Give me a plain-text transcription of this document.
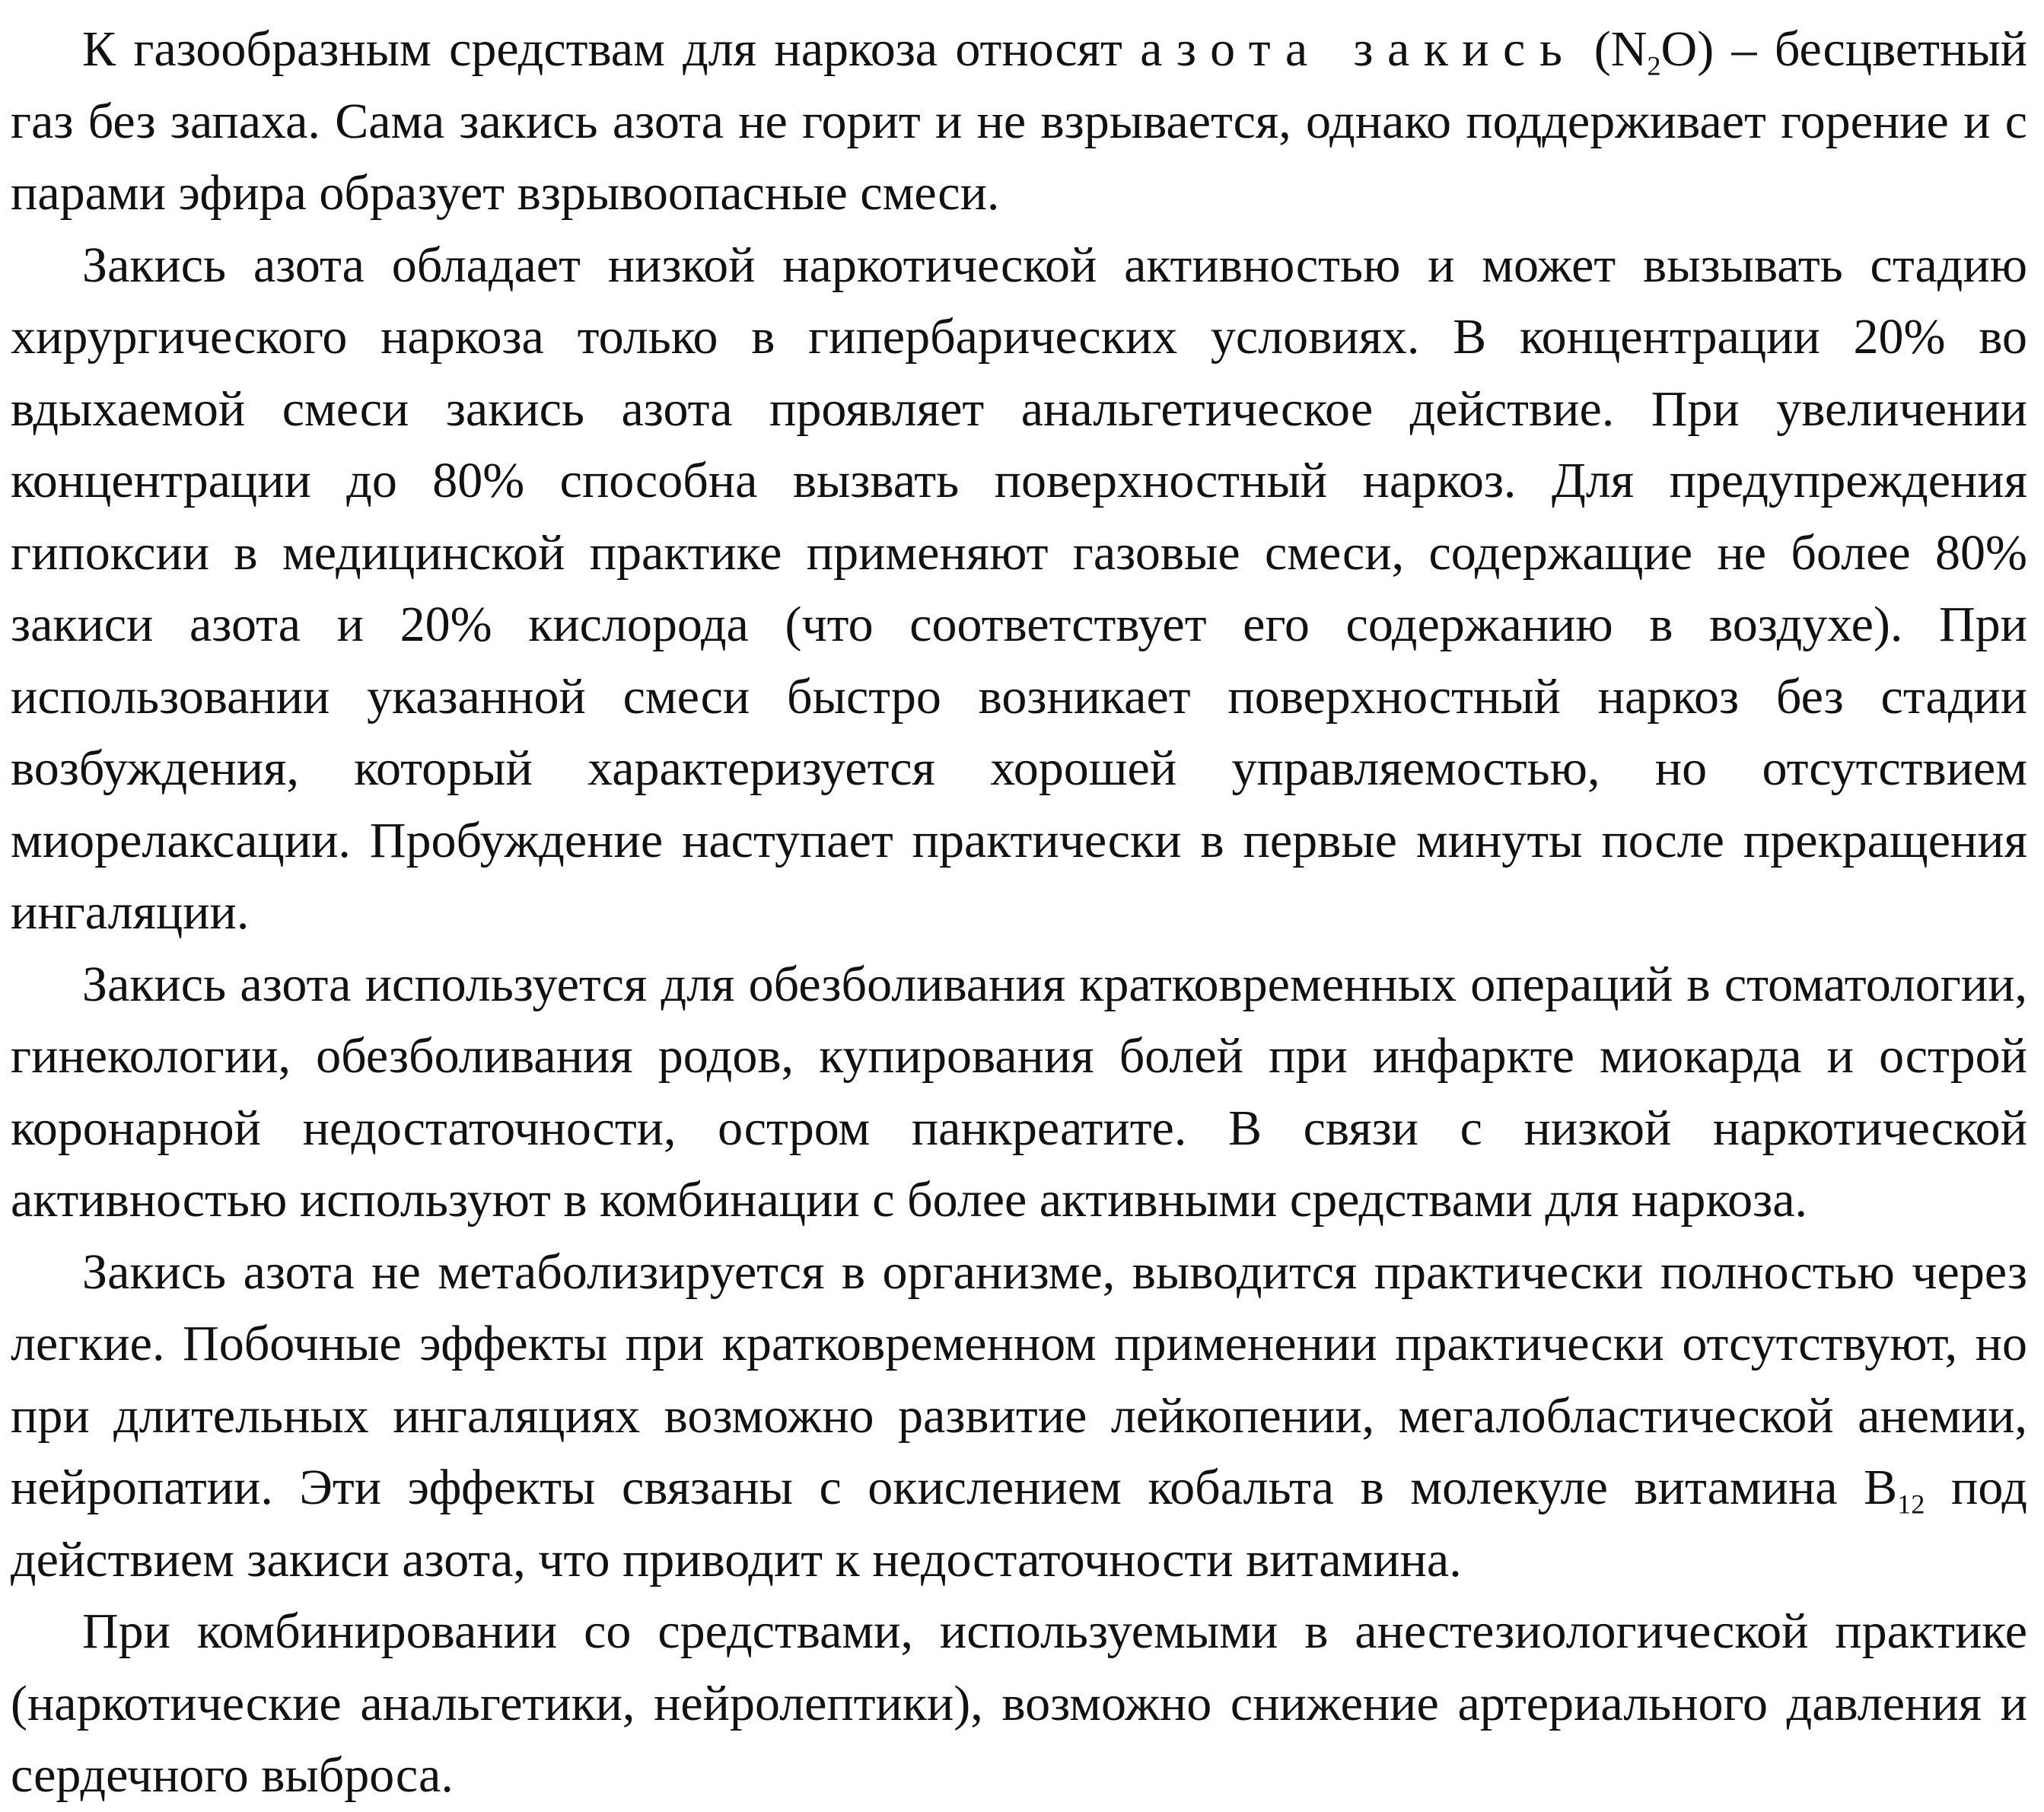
К газообразным средствам для наркоза относят азота закись $(N_2O)$ – бесцветный газ без запаха. Сама закись азота не горит и не взрывается, однако поддерживает горение и с парами эфира образует взрывоопасные смеси.

Закись азота обладает низкой наркотической активностью и может вызывать стадию хирургического наркоза только в гипербарических условиях. В концентрации 20% во вдыхаемой смеси закись азота проявляет анальгетическое действие. При увеличении концентрации до 80% способна вызвать поверхностный наркоз. Для предупреждения гипоксии в медицинской практике применяют газовые смеси, содержащие не более 80% закиси азота и 20% кислорода (что соответствует его содержанию в воздухе). При использовании указанной смеси быстро возникает поверхностный наркоз без стадии возбуждения, который характеризуется хорошей управляемостью, но отсутствием миорелаксации. Пробуждение наступает практически в первые минуты после прекращения ингаляции.

Закись азота используется для обезболивания кратковременных операций в стоматологии, гинекологии, обезболивания родов, купирования болей при инфаркте миокарда и острой коронарной недостаточности, остром панкреатите. В связи с низкой наркотической активностью используют в комбинации с более активными средствами для наркоза.

Закись азота не метаболизируется в организме, выводится практически полностью через легкие. Побочные эффекты при кратковременном применении практически отсутствуют, но при длительных ингаляциях возможно развитие лейкопении, мегалобластической анемии, нейропатии. Эти эффекты связаны с окислением кобальта в молекуле витамина $В_{12}$ под действием закиси азота, что приводит к недостаточности витамина.

При комбинировании со средствами, используемыми в анестезиологической практике (наркотические анальгетики, нейролептики), возможно снижение артериального давления и сердечного выброса.
